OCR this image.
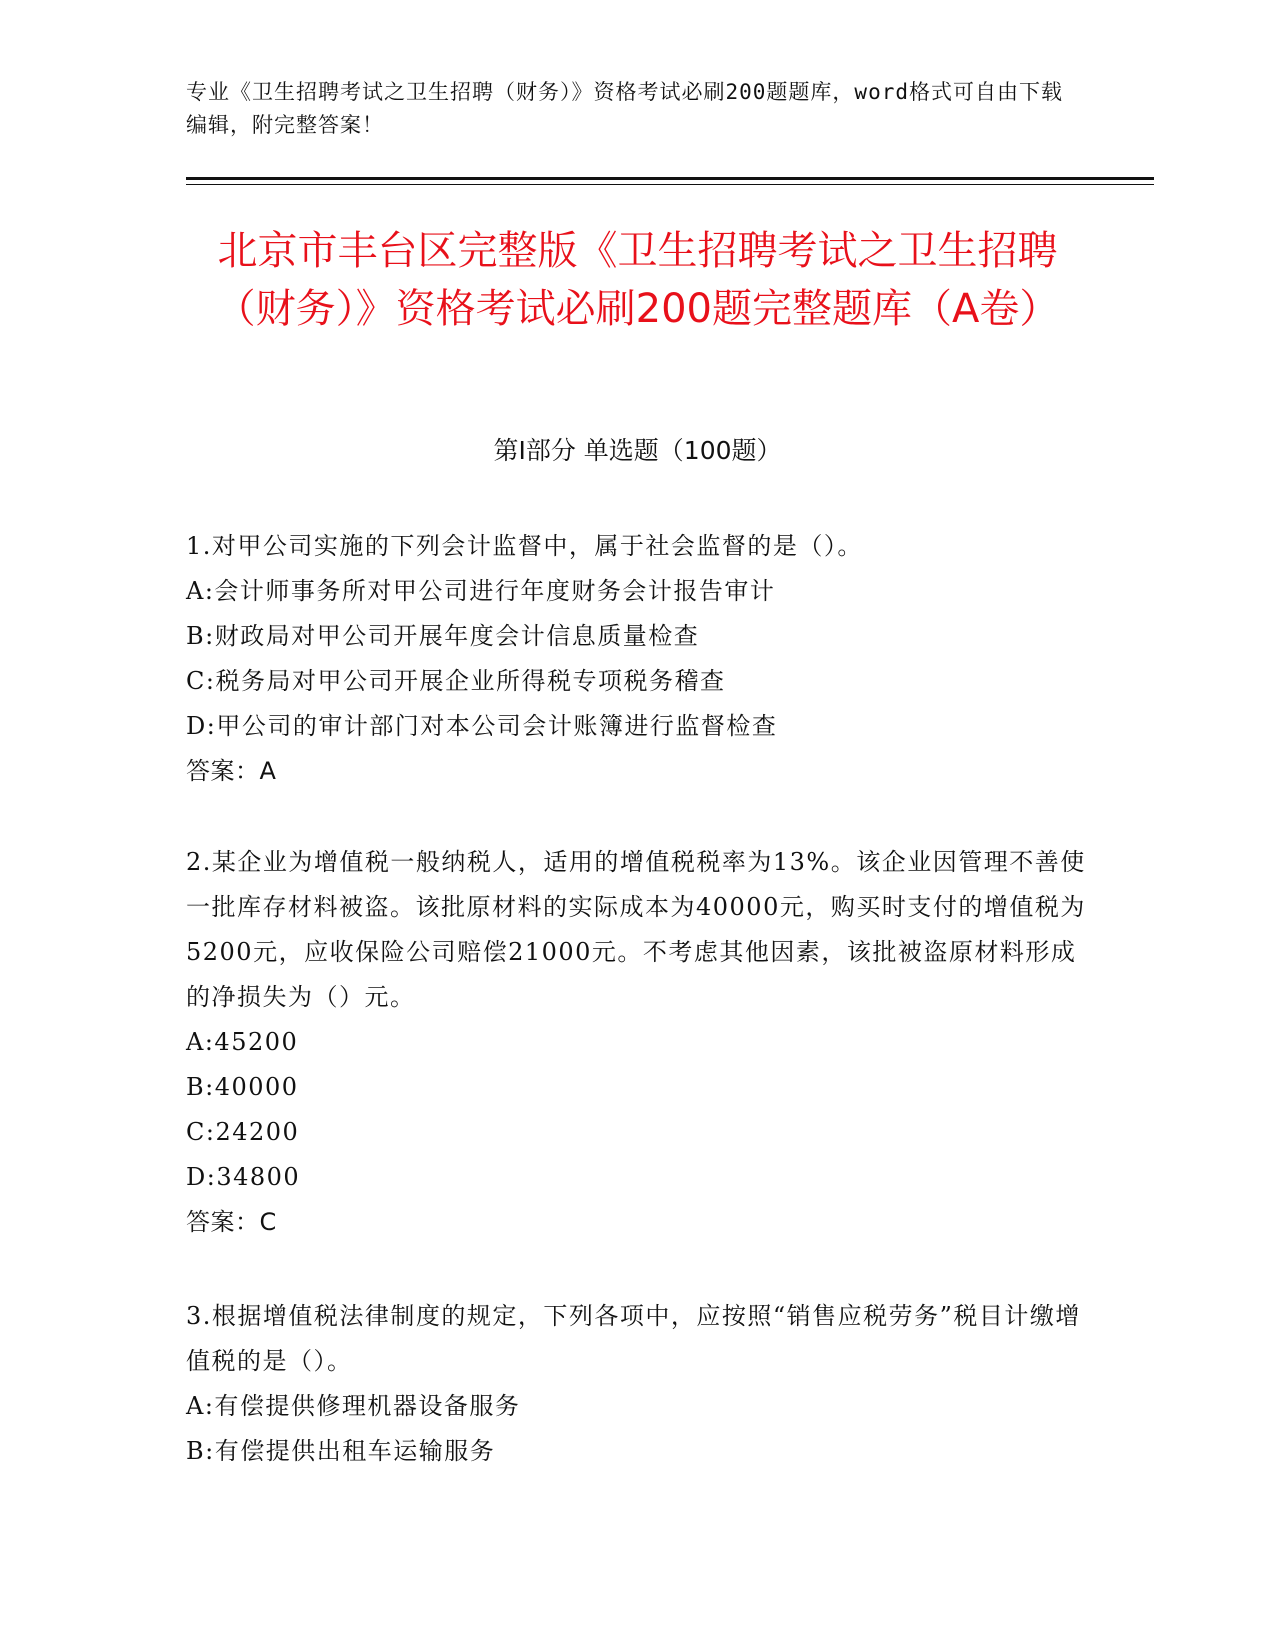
专业《卫生招聘考试之卫生招聘（财务）》资格考试必刷200题题库，word格式可自由下载编辑，附完整答案！
北京市丰台区完整版《卫生招聘考试之卫生招聘（财务）》资格考试必刷200题完整题库（A卷）
第I部分 单选题（100题）
1.对甲公司实施的下列会计监督中，属于社会监督的是（）。
A:会计师事务所对甲公司进行年度财务会计报告审计
B:财政局对甲公司开展年度会计信息质量检查
C:税务局对甲公司开展企业所得税专项税务稽查
D:甲公司的审计部门对本公司会计账簿进行监督检查
答案：A
2.某企业为增值税一般纳税人，适用的增值税税率为13%。该企业因管理不善使一批库存材料被盗。该批原材料的实际成本为40000元，购买时支付的增值税为5200元，应收保险公司赔偿21000元。不考虑其他因素，该批被盗原材料形成的净损失为（）元。
A:45200
B:40000
C:24200
D:34800
答案：C
3.根据增值税法律制度的规定，下列各项中，应按照“销售应税劳务”税目计缴增值税的是（）。
A:有偿提供修理机器设备服务
B:有偿提供出租车运输服务
